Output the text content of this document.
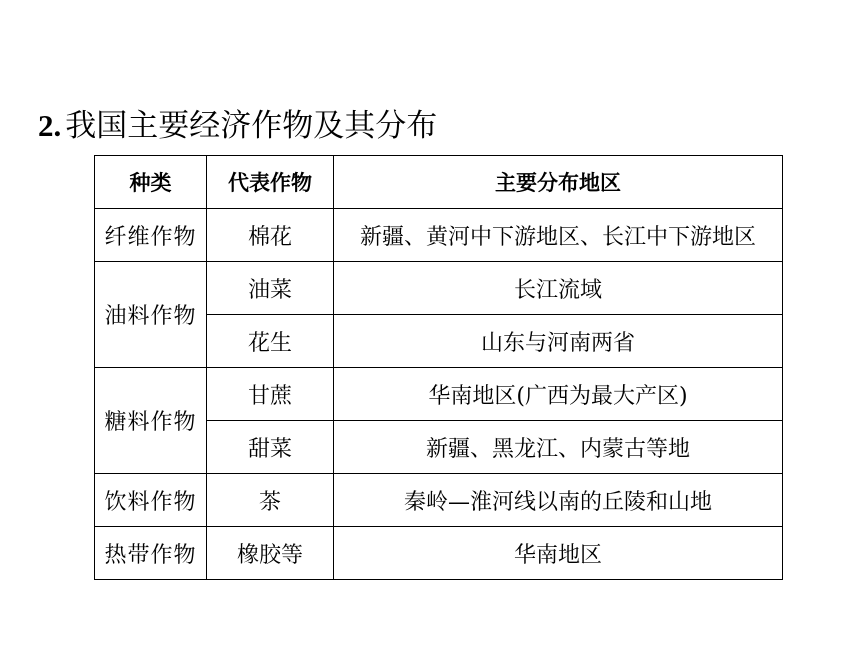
2. 我国主要经济作物及其分布
种类	代表作物	主要分布地区
纤维作物	棉花	新疆、黄河中下游地区、长江中下游地区
油料作物	油菜	长江流域
	花生	山东与河南两省
糖料作物	甘蔗	华南地区(广西为最大产区)
	甜菜	新疆、黑龙江、内蒙古等地
饮料作物	茶	秦岭—淮河线以南的丘陵和山地
热带作物	橡胶等	华南地区
